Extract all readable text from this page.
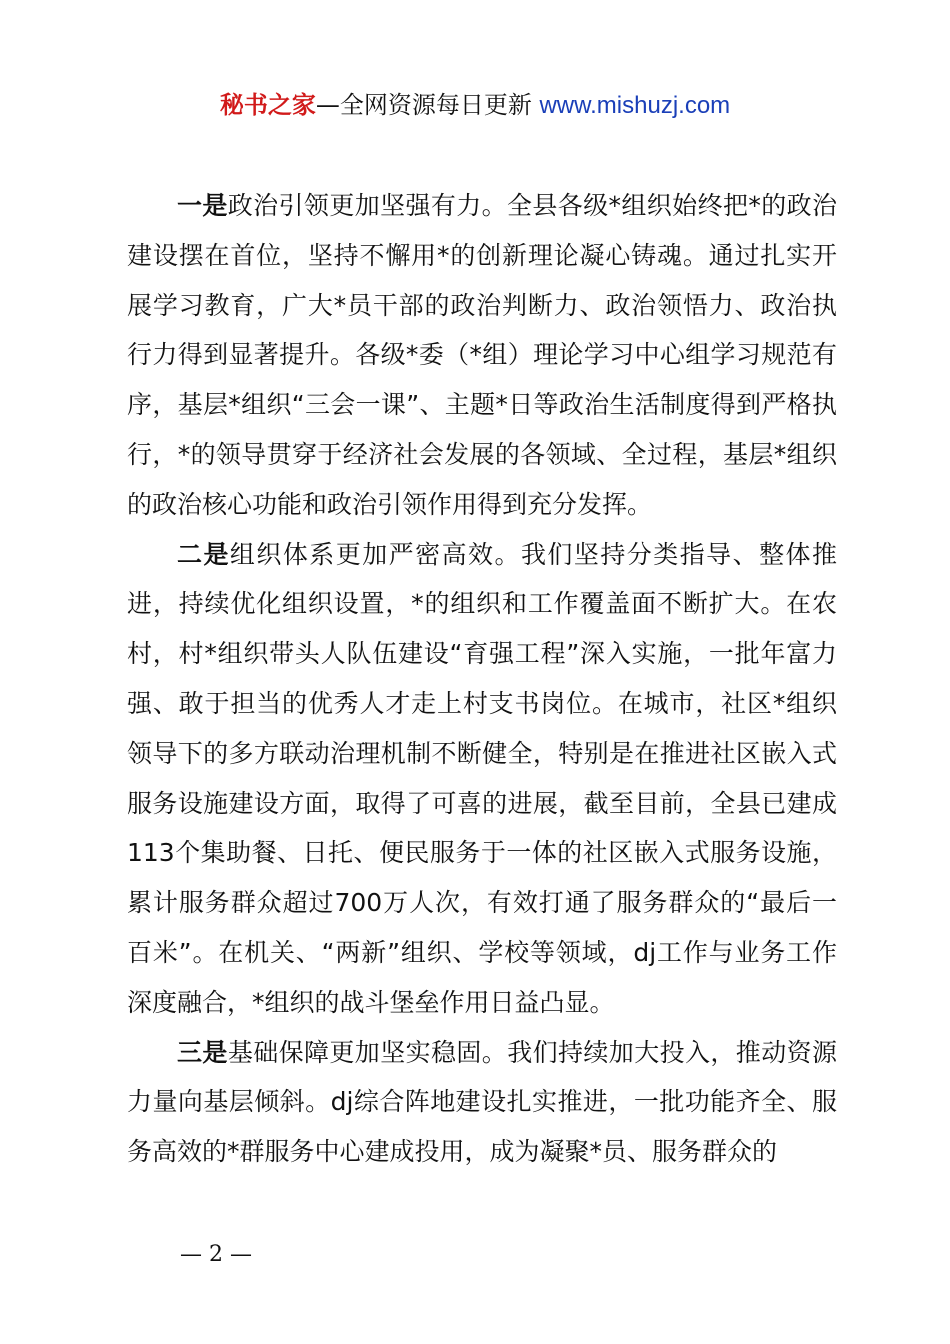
秘书之家—全网资源每日更新 www.mishuzj.com

一是政治引领更加坚强有力。全县各级*组织始终把*的政治建设摆在首位，坚持不懈用*的创新理论凝心铸魂。通过扎实开展学习教育，广大*员干部的政治判断力、政治领悟力、政治执行力得到显著提升。各级*委（*组）理论学习中心组学习规范有序，基层*组织“三会一课”、主题*日等政治生活制度得到严格执行，*的领导贯穿于经济社会发展的各领域、全过程，基层*组织的政治核心功能和政治引领作用得到充分发挥。

二是组织体系更加严密高效。我们坚持分类指导、整体推进，持续优化组织设置，*的组织和工作覆盖面不断扩大。在农村，村*组织带头人队伍建设“育强工程”深入实施，一批年富力强、敢于担当的优秀人才走上村支书岗位。在城市，社区*组织领导下的多方联动治理机制不断健全，特别是在推进社区嵌入式服务设施建设方面，取得了可喜的进展，截至目前，全县已建成113个集助餐、日托、便民服务于一体的社区嵌入式服务设施，累计服务群众超过700万人次，有效打通了服务群众的“最后一百米”。在机关、“两新”组织、学校等领域，dj工作与业务工作深度融合，*组织的战斗堡垒作用日益凸显。

三是基础保障更加坚实稳固。我们持续加大投入，推动资源力量向基层倾斜。dj综合阵地建设扎实推进，一批功能齐全、服务高效的*群服务中心建成投用，成为凝聚*员、服务群众的

— 2 —
